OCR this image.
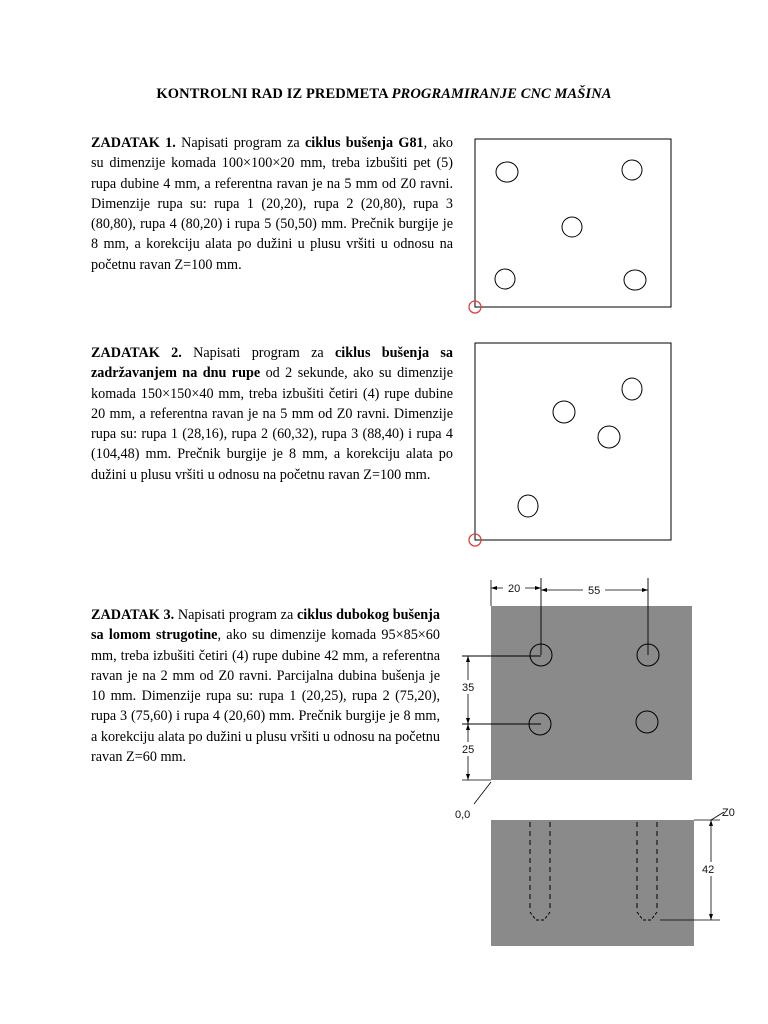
KONTROLNI RAD IZ PREDMETA PROGRAMIRANJE CNC MAŠINA
ZADATAK 1. Napisati program za ciklus bušenja G81, ako su dimenzije komada 100×100×20 mm, treba izbušiti pet (5) rupa dubine 4 mm, a referentna ravan je na 5 mm od Z0 ravni. Dimenzije rupa su: rupa 1 (20,20), rupa 2 (20,80), rupa 3 (80,80), rupa 4 (80,20) i rupa 5 (50,50) mm. Prečnik burgije je 8 mm, a korekciju alata po dužini u plusu vršiti u odnosu na početnu ravan Z=100 mm.
ZADATAK 2. Napisati program za ciklus bušenja sa zadržavanjem na dnu rupe od 2 sekunde, ako su dimenzije komada 150×150×40 mm, treba izbušiti četiri (4) rupe dubine 20 mm, a referentna ravan je na 5 mm od Z0 ravni. Dimenzije rupa su: rupa 1 (28,16), rupa 2 (60,32), rupa 3 (88,40) i rupa 4 (104,48) mm. Prečnik burgije je 8 mm, a korekciju alata po dužini u plusu vršiti u odnosu na početnu ravan Z=100 mm.
ZADATAK 3. Napisati program za ciklus dubokog bušenja sa lomom strugotine, ako su dimenzije komada 95×85×60 mm, treba izbušiti četiri (4) rupe dubine 42 mm, a referentna ravan je na 2 mm od Z0 ravni. Parcijalna dubina bušenja je 10 mm. Dimenzije rupa su: rupa 1 (20,25), rupa 2 (75,20), rupa 3 (75,60) i rupa 4 (20,60) mm. Prečnik burgije je 8 mm, a korekciju alata po dužini u plusu vršiti u odnosu na početnu ravan Z=60 mm.
20	55
35
25
0,0
42
Z0
